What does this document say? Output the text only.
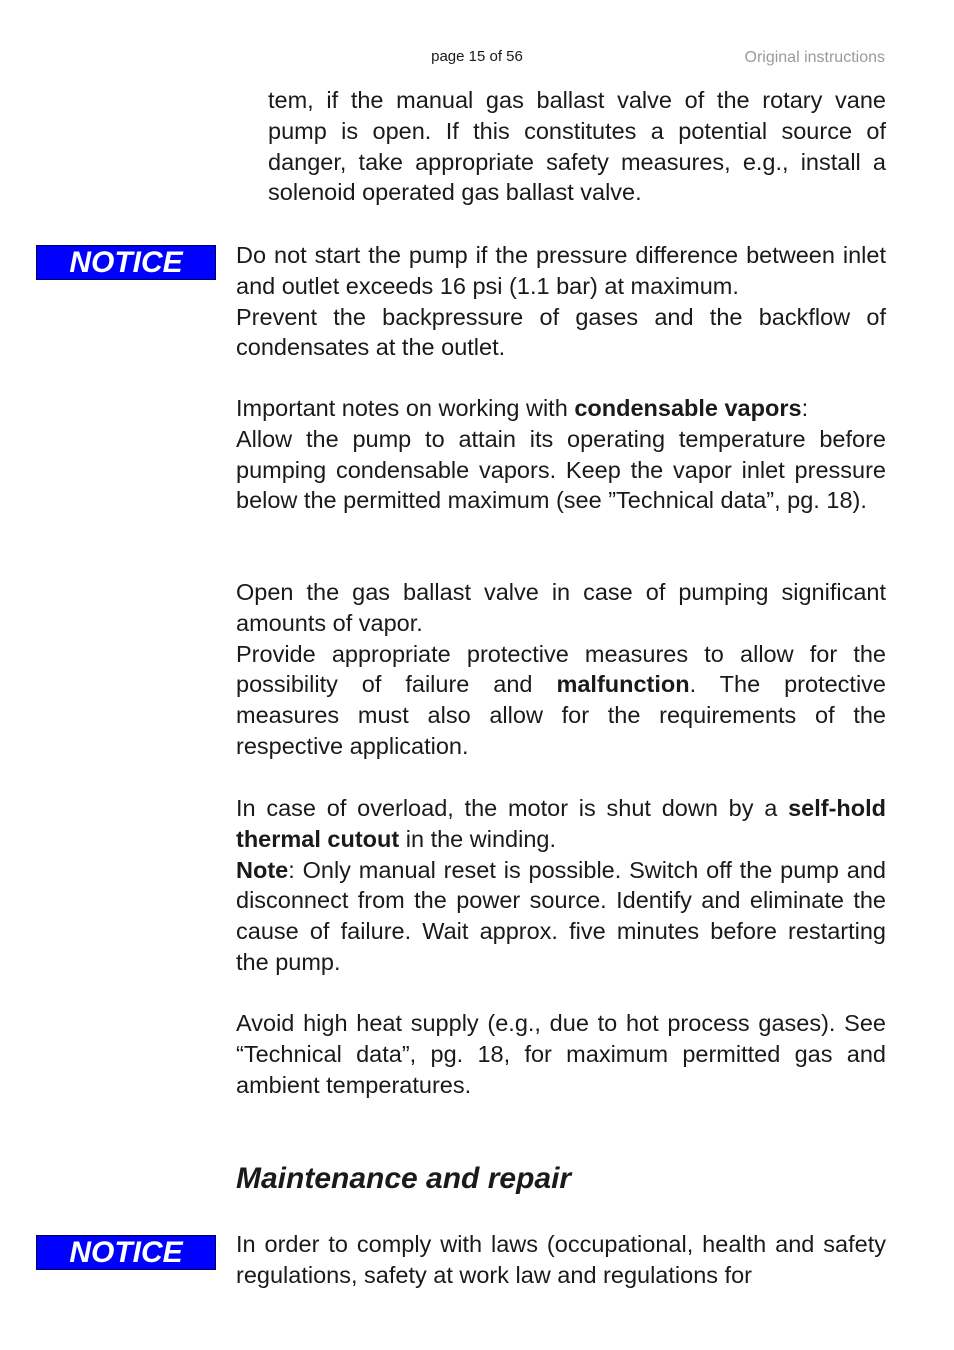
page 15 of 56	Original instructions

tem, if the manual gas ballast valve of the rotary vane pump is open. If this constitutes a potential source of danger, take appropriate safety measures, e.g., install a solenoid operated gas ballast valve.

NOTICE	Do not start the pump if the pressure difference between inlet and outlet exceeds 16 psi (1.1 bar) at maximum.
Prevent the backpressure of gases and the backflow of condensates at the outlet.

Important notes on working with condensable vapors:
Allow the pump to attain its operating temperature before pumping condensable vapors. Keep the vapor inlet pressure below the permitted maximum (see ”Technical data”, pg. 18).

Open the gas ballast valve in case of pumping significant amounts of vapor.
Provide appropriate protective measures to allow for the possibility of failure and malfunction. The protective measures must also allow for the requirements of the respective application.

In case of overload, the motor is shut down by a self-hold thermal cutout in the winding.
Note: Only manual reset is possible. Switch off the pump and disconnect from the power source. Identify and eliminate the cause of failure. Wait approx. five minutes before restarting the pump.

Avoid high heat supply (e.g., due to hot process gases). See “Technical data”, pg. 18, for maximum permitted gas and ambient temperatures.

Maintenance and repair
NOTICE	In order to comply with laws (occupational, health and safety regulations, safety at work law and regulations for
